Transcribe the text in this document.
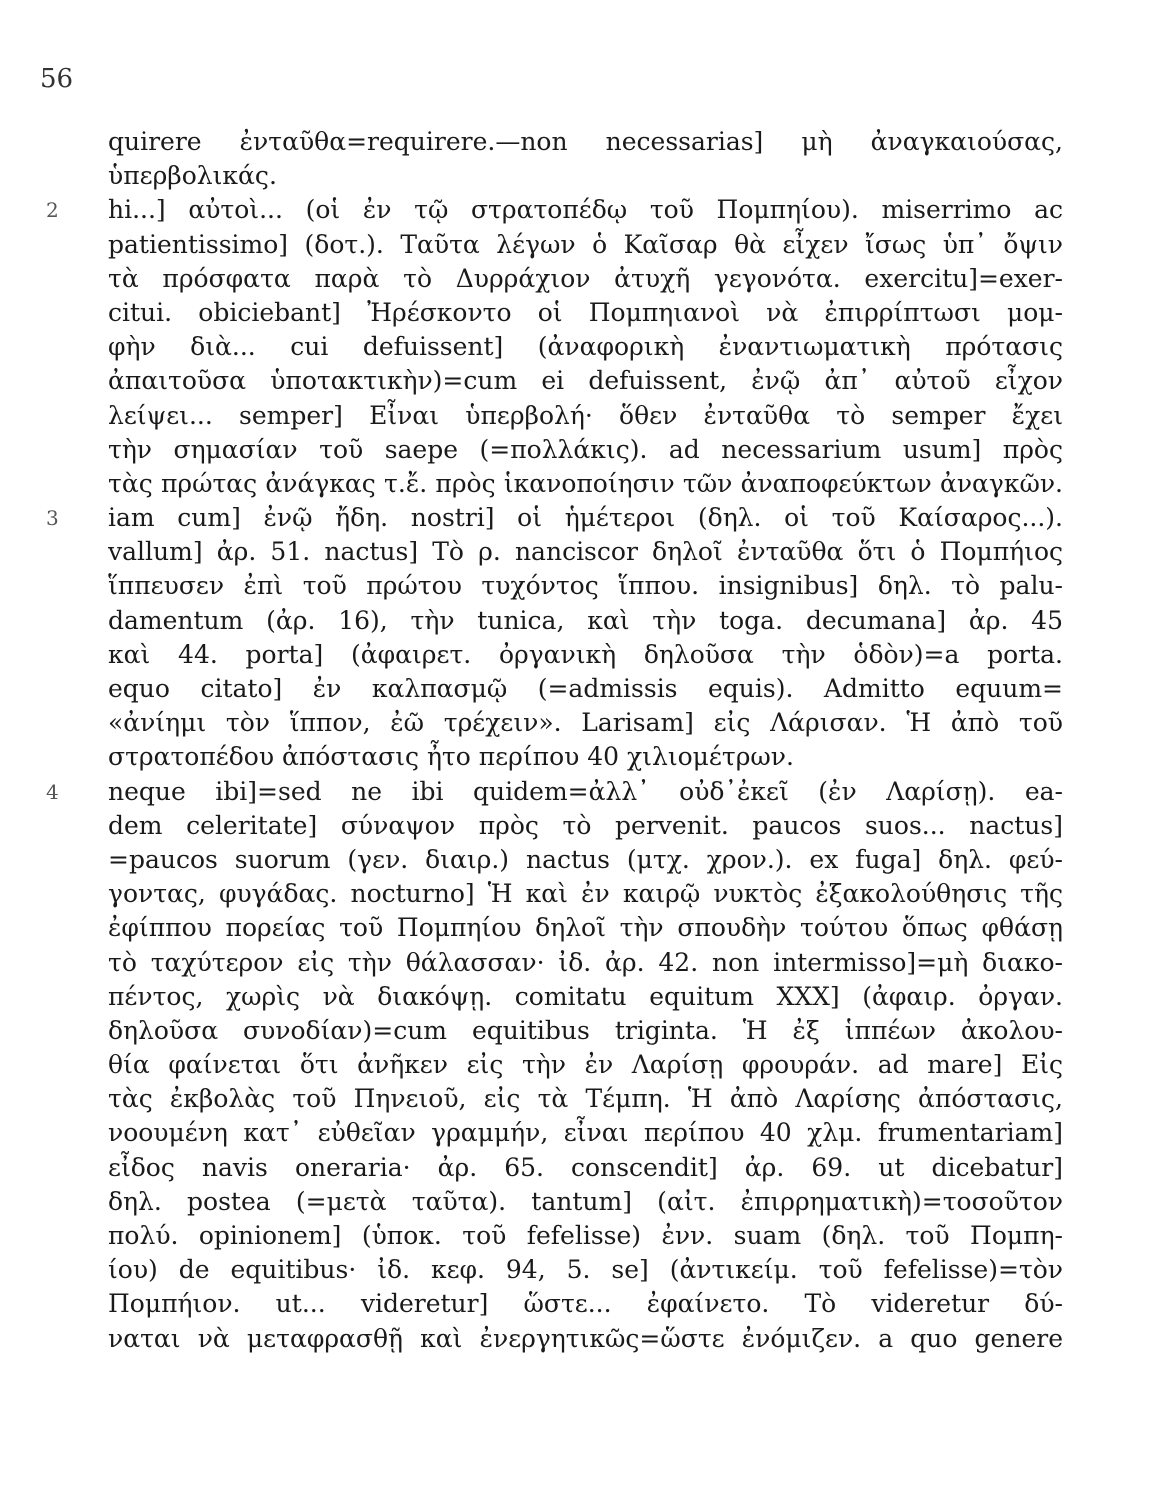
56
quirere ἐνταῦθα=requirere.—non necessarias] μὴ ἀναγκαιούσας,
ὑπερβολικάς.
hi...] αὐτοὶ... (οἱ ἐν τῷ στρατοπέδῳ τοῦ Πομπηίου). miserrimo ac
patientissimo] (δοτ.). Ταῦτα λέγων ὁ Καῖσαρ θὰ εἶχεν ἴσως ὑπ᾿ ὄψιν
τὰ πρόσφατα παρὰ τὸ Δυρράχιον ἀτυχῆ γεγονότα. exercitu]=exer-
citui. obiciebant] Ἠρέσκοντο οἱ Πομπηιανοὶ νὰ ἐπιρρίπτωσι μομ-
φὴν διὰ... cui defuissent] (ἀναφορικὴ ἐναντιωματικὴ πρότασις
ἀπαιτοῦσα ὑποτακτικὴν)=cum ei defuissent, ἐνῷ ἀπ᾿ αὐτοῦ εἶχον
λείψει... semper] Εἶναι ὑπερβολή· ὅθεν ἐνταῦθα τὸ semper ἔχει
τὴν σημασίαν τοῦ saepe (=πολλάκις). ad necessarium usum] πρὸς
τὰς πρώτας ἀνάγκας τ.ἔ. πρὸς ἱκανοποίησιν τῶν ἀναποφεύκτων ἀναγκῶν.
iam cum] ἐνῷ ἤδη. nostri] οἱ ἡμέτεροι (δηλ. οἱ τοῦ Καίσαρος...).
vallum] ἀρ. 51. nactus] Τὸ ρ. nanciscor δηλοῖ ἐνταῦθα ὅτι ὁ Πομπήιος
ἵππευσεν ἐπὶ τοῦ πρώτου τυχόντος ἵππου. insignibus] δηλ. τὸ palu-
damentum (ἀρ. 16), τὴν tunica, καὶ τὴν toga. decumana] ἀρ. 45
καὶ 44. porta] (ἀφαιρετ. ὀργανικὴ δηλοῦσα τὴν ὁδὸν)=a porta.
equo citato] ἐν καλπασμῷ (=admissis equis). Admitto equum=
«ἀνίημι τὸν ἵππον, ἐῶ τρέχειν». Larisam] εἰς Λάρισαν. Ἡ ἀπὸ τοῦ
στρατοπέδου ἀπόστασις ἦτο περίπου 40 χιλιομέτρων.
neque ibi]=sed ne ibi quidem=ἀλλ᾿ οὐδ᾿ἐκεῖ (ἐν Λαρίσῃ). ea-
dem celeritate] σύναψον πρὸς τὸ pervenit. paucos suos... nactus]
=paucos suorum (γεν. διαιρ.) nactus (μτχ. χρον.). ex fuga] δηλ. φεύ-
γοντας, φυγάδας. nocturno] Ἡ καὶ ἐν καιρῷ νυκτὸς ἐξακολούθησις τῆς
ἐφίππου πορείας τοῦ Πομπηίου δηλοῖ τὴν σπουδὴν τούτου ὅπως φθάσῃ
τὸ ταχύτερον εἰς τὴν θάλασσαν· ἰδ. ἀρ. 42. non intermisso]=μὴ διακο-
πέντος, χωρὶς νὰ διακόψῃ. comitatu equitum XXX] (ἀφαιρ. ὀργαν.
δηλοῦσα συνοδίαν)=cum equitibus triginta. Ἡ ἐξ ἱππέων ἀκολου-
θία φαίνεται ὅτι ἀνῆκεν εἰς τὴν ἐν Λαρίσῃ φρουράν. ad mare] Εἰς
τὰς ἐκβολὰς τοῦ Πηνειοῦ, εἰς τὰ Τέμπη. Ἡ ἀπὸ Λαρίσης ἀπόστασις,
νοουμένη κατ᾿ εὐθεῖαν γραμμήν, εἶναι περίπου 40 χλμ. frumentariam]
εἶδος navis oneraria· ἀρ. 65. conscendit] ἀρ. 69. ut dicebatur]
δηλ. postea (=μετὰ ταῦτα). tantum] (αἰτ. ἐπιρρηματικὴ)=τοσοῦτον
πολύ. opinionem] (ὑποκ. τοῦ fefelisse) ἐνν. suam (δηλ. τοῦ Πομπη-
ίου) de equitibus· ἰδ. κεφ. 94, 5. se] (ἀντικείμ. τοῦ fefelisse)=τὸν
Πομπήιον. ut... videretur] ὥστε... ἐφαίνετο. Τὸ videretur δύ-
ναται νὰ μεταφρασθῇ καὶ ἐνεργητικῶς=ὥστε ἐνόμιζεν. a quo genere
2
3
4
